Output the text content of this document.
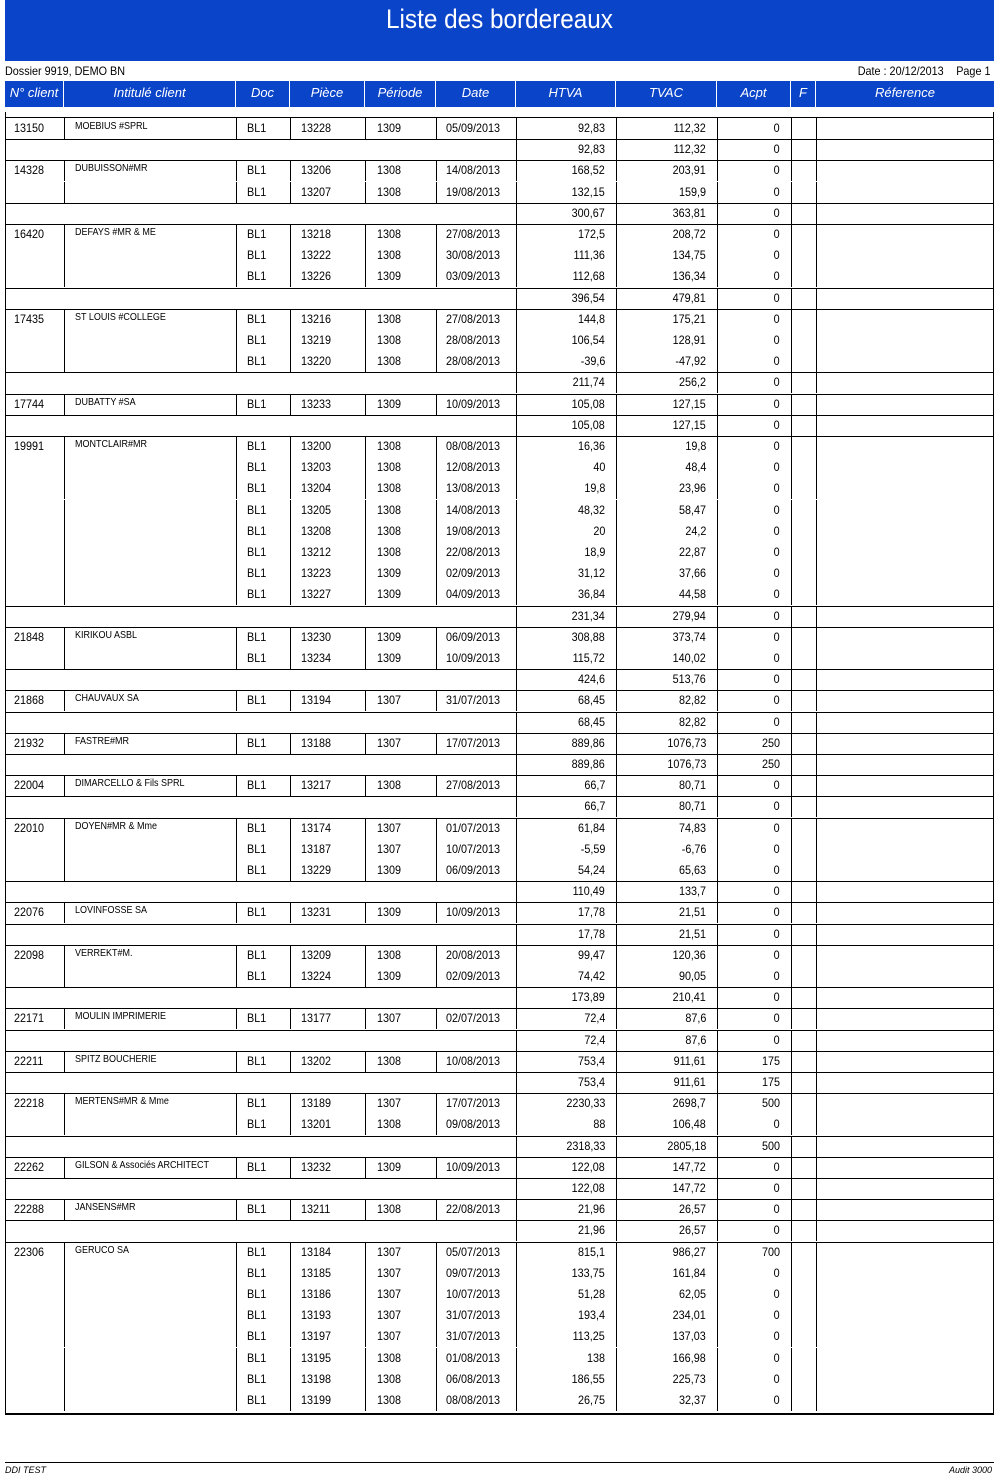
Liste des bordereaux
Dossier 9919, DEMO BN	Date : 20/12/2013 Page 1
N° client	Intitulé client	Doc	Pièce	Période	Date	HTVA	TVAC	Acpt	F	Réference
13150	MOEBIUS #SPRL	BL1	13228	1309	05/09/2013	92,83	112,32	0
92,83	112,32	0
14328	DUBUISSON#MR	BL1	13206	1308	14/08/2013	168,52	203,91	0
BL1	13207	1308	19/08/2013	132,15	159,9	0
300,67	363,81	0
16420	DEFAYS #MR & ME	BL1	13218	1308	27/08/2013	172,5	208,72	0
BL1	13222	1308	30/08/2013	111,36	134,75	0
BL1	13226	1309	03/09/2013	112,68	136,34	0
396,54	479,81	0
17435	ST LOUIS #COLLEGE	BL1	13216	1308	27/08/2013	144,8	175,21	0
BL1	13219	1308	28/08/2013	106,54	128,91	0
BL1	13220	1308	28/08/2013	-39,6	-47,92	0
211,74	256,2	0
17744	DUBATTY #SA	BL1	13233	1309	10/09/2013	105,08	127,15	0
105,08	127,15	0
19991	MONTCLAIR#MR	BL1	13200	1308	08/08/2013	16,36	19,8	0
BL1	13203	1308	12/08/2013	40	48,4	0
BL1	13204	1308	13/08/2013	19,8	23,96	0
BL1	13205	1308	14/08/2013	48,32	58,47	0
BL1	13208	1308	19/08/2013	20	24,2	0
BL1	13212	1308	22/08/2013	18,9	22,87	0
BL1	13223	1309	02/09/2013	31,12	37,66	0
BL1	13227	1309	04/09/2013	36,84	44,58	0
231,34	279,94	0
21848	KIRIKOU ASBL	BL1	13230	1309	06/09/2013	308,88	373,74	0
BL1	13234	1309	10/09/2013	115,72	140,02	0
424,6	513,76	0
21868	CHAUVAUX SA	BL1	13194	1307	31/07/2013	68,45	82,82	0
68,45	82,82	0
21932	FASTRE#MR	BL1	13188	1307	17/07/2013	889,86	1076,73	250
889,86	1076,73	250
22004	DIMARCELLO & Fils SPRL	BL1	13217	1308	27/08/2013	66,7	80,71	0
66,7	80,71	0
22010	DOYEN#MR & Mme	BL1	13174	1307	01/07/2013	61,84	74,83	0
BL1	13187	1307	10/07/2013	-5,59	-6,76	0
BL1	13229	1309	06/09/2013	54,24	65,63	0
110,49	133,7	0
22076	LOVINFOSSE SA	BL1	13231	1309	10/09/2013	17,78	21,51	0
17,78	21,51	0
22098	VERREKT#M.	BL1	13209	1308	20/08/2013	99,47	120,36	0
BL1	13224	1309	02/09/2013	74,42	90,05	0
173,89	210,41	0
22171	MOULIN IMPRIMERIE	BL1	13177	1307	02/07/2013	72,4	87,6	0
72,4	87,6	0
22211	SPITZ BOUCHERIE	BL1	13202	1308	10/08/2013	753,4	911,61	175
753,4	911,61	175
22218	MERTENS#MR & Mme	BL1	13189	1307	17/07/2013	2230,33	2698,7	500
BL1	13201	1308	09/08/2013	88	106,48	0
2318,33	2805,18	500
22262	GILSON & Associés ARCHITECT	BL1	13232	1309	10/09/2013	122,08	147,72	0
122,08	147,72	0
22288	JANSENS#MR	BL1	13211	1308	22/08/2013	21,96	26,57	0
21,96	26,57	0
22306	GERUCO SA	BL1	13184	1307	05/07/2013	815,1	986,27	700
BL1	13185	1307	09/07/2013	133,75	161,84	0
BL1	13186	1307	10/07/2013	51,28	62,05	0
BL1	13193	1307	31/07/2013	193,4	234,01	0
BL1	13197	1307	31/07/2013	113,25	137,03	0
BL1	13195	1308	01/08/2013	138	166,98	0
BL1	13198	1308	06/08/2013	186,55	225,73	0
BL1	13199	1308	08/08/2013	26,75	32,37	0
DDI TEST	Audit 3000
